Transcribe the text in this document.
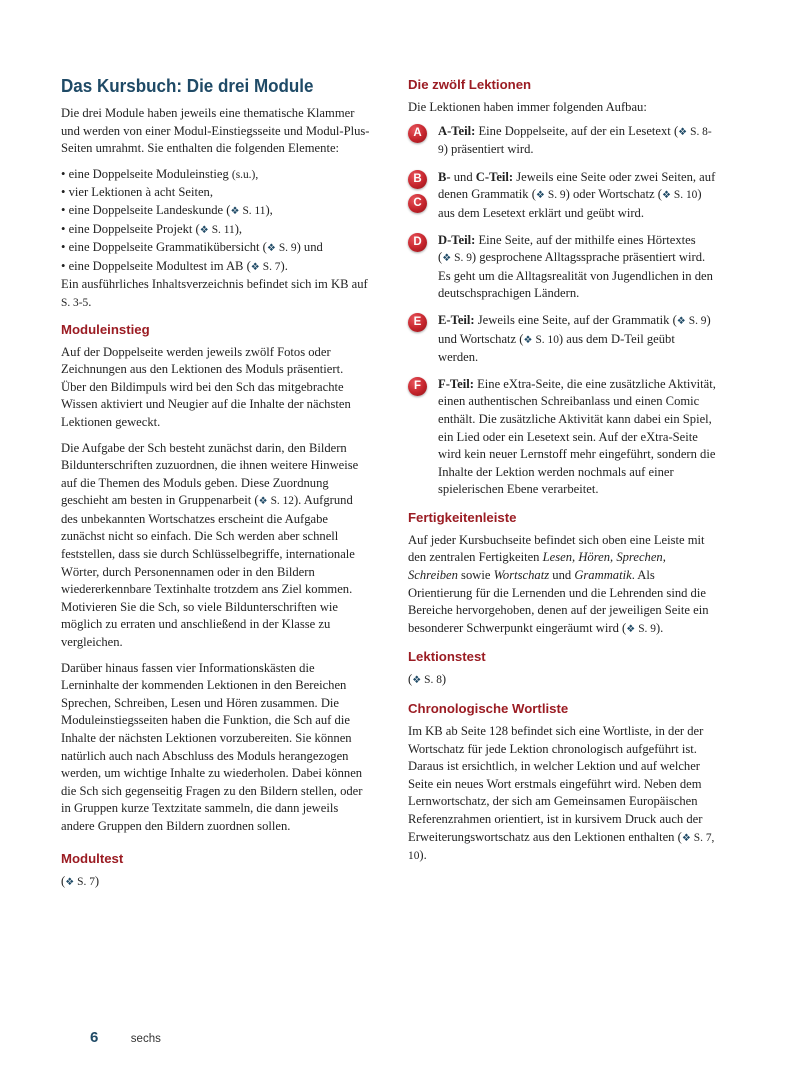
Das Kursbuch: Die drei Module

Die drei Module haben jeweils eine thematische Klammer und werden von einer Modul-Einstiegsseite und Modul-Plus-Seiten umrahmt. Sie enthalten die folgenden Elemente:

• eine Doppelseite Moduleinstieg (s.u.),
• vier Lektionen à acht Seiten,
• eine Doppelseite Landeskunde ( ❖ S. 11),
• eine Doppelseite Projekt ( ❖ S. 11),
• eine Doppelseite Grammatikübersicht ( ❖ S. 9) und
• eine Doppelseite Modultest im AB ( ❖ S. 7).
Ein ausführliches Inhaltsverzeichnis befindet sich im KB auf S. 3-5.

Moduleinstieg

Auf der Doppelseite werden jeweils zwölf Fotos oder Zeichnungen aus den Lektionen des Moduls präsentiert. Über den Bildimpuls wird bei den Sch das mitgebrachte Wissen aktiviert und Neugier auf die Inhalte der nächsten Lektionen geweckt.

Die Aufgabe der Sch besteht zunächst darin, den Bildern Bildunterschriften zuzuordnen, die ihnen weitere Hinweise auf die Themen des Moduls geben. Diese Zuordnung geschieht am besten in Gruppenarbeit ( ❖ S. 12). Aufgrund des unbekannten Wortschatzes erscheint die Aufgabe zunächst nicht so einfach. Die Sch werden aber schnell feststellen, dass sie durch Schlüsselbegriffe, internationale Wörter, durch Personennamen oder in den Bildern wiedererkennbare Textinhalte trotzdem ans Ziel kommen. Motivieren Sie die Sch, so viele Bildunterschriften wie möglich zu erraten und anschließend in der Klasse zu vergleichen.

Darüber hinaus fassen vier Informationskästen die Lerninhalte der kommenden Lektionen in den Bereichen Sprechen, Schreiben, Lesen und Hören zusammen. Die Moduleinstiegsseiten haben die Funktion, die Sch auf die Inhalte der nächsten Lektionen vorzubereiten. Sie können natürlich auch nach Abschluss des Moduls herangezogen werden, um wichtige Inhalte zu wiederholen. Dabei können die Sch sich gegenseitig Fragen zu den Bildern stellen, oder in Gruppen kurze Textzitate sammeln, die dann jeweils andere Gruppen den Bildern zuordnen sollen.

Modultest

( ❖ S. 7)

Die zwölf Lektionen

Die Lektionen haben immer folgenden Aufbau:

A	A-Teil: Eine Doppelseite, auf der ein Lesetext ( ❖ S. 8-9) präsentiert wird.
B
C
B- und C-Teil: Jeweils eine Seite oder zwei Seiten, auf denen Grammatik ( ❖ S. 9) oder Wortschatz ( ❖ S. 10) aus dem Lesetext erklärt und geübt wird.
D	D-Teil: Eine Seite, auf der mithilfe eines Hörtextes ( ❖ S. 9) gesprochene Alltagssprache präsentiert wird. Es geht um die Alltagsrealität von Jugendlichen in den deutschsprachigen Ländern.
E	E-Teil: Jeweils eine Seite, auf der Grammatik ( ❖ S. 9) und Wortschatz ( ❖ S. 10) aus dem D-Teil geübt werden.
F	F-Teil: Eine eXtra-Seite, die eine zusätzliche Aktivität, einen authentischen Schreibanlass und einen Comic enthält. Die zusätzliche Aktivität kann dabei ein Spiel, ein Lied oder ein Lesetext sein. Auf der eXtra-Seite wird kein neuer Lernstoff mehr eingeführt, sondern die Inhalte der Lektion werden nochmals auf einer spielerischen Ebene verarbeitet.
Fertigkeitenleiste

Auf jeder Kursbuchseite befindet sich oben eine Leiste mit den zentralen Fertigkeiten Lesen, Hören, Sprechen, Schreiben sowie Wortschatz und Grammatik. Als Orientierung für die Lernenden und die Lehrenden sind die Bereiche hervorgehoben, denen auf der jeweiligen Seite ein besonderer Schwerpunkt eingeräumt wird ( ❖ S. 9).

Lektionstest

( ❖ S. 8)

Chronologische Wortliste

Im KB ab Seite 128 befindet sich eine Wortliste, in der der Wortschatz für jede Lektion chronologisch aufgeführt ist. Daraus ist ersichtlich, in welcher Lektion und auf welcher Seite ein neues Wort erstmals eingeführt wird. Neben dem Lernwortschatz, der sich am Gemeinsamen Europäischen Referenzrahmen orientiert, ist in kursivem Druck auch der Erweiterungswortschatz aus den Lektionen enthalten ( ❖ S. 7, 10).

6	sechs
